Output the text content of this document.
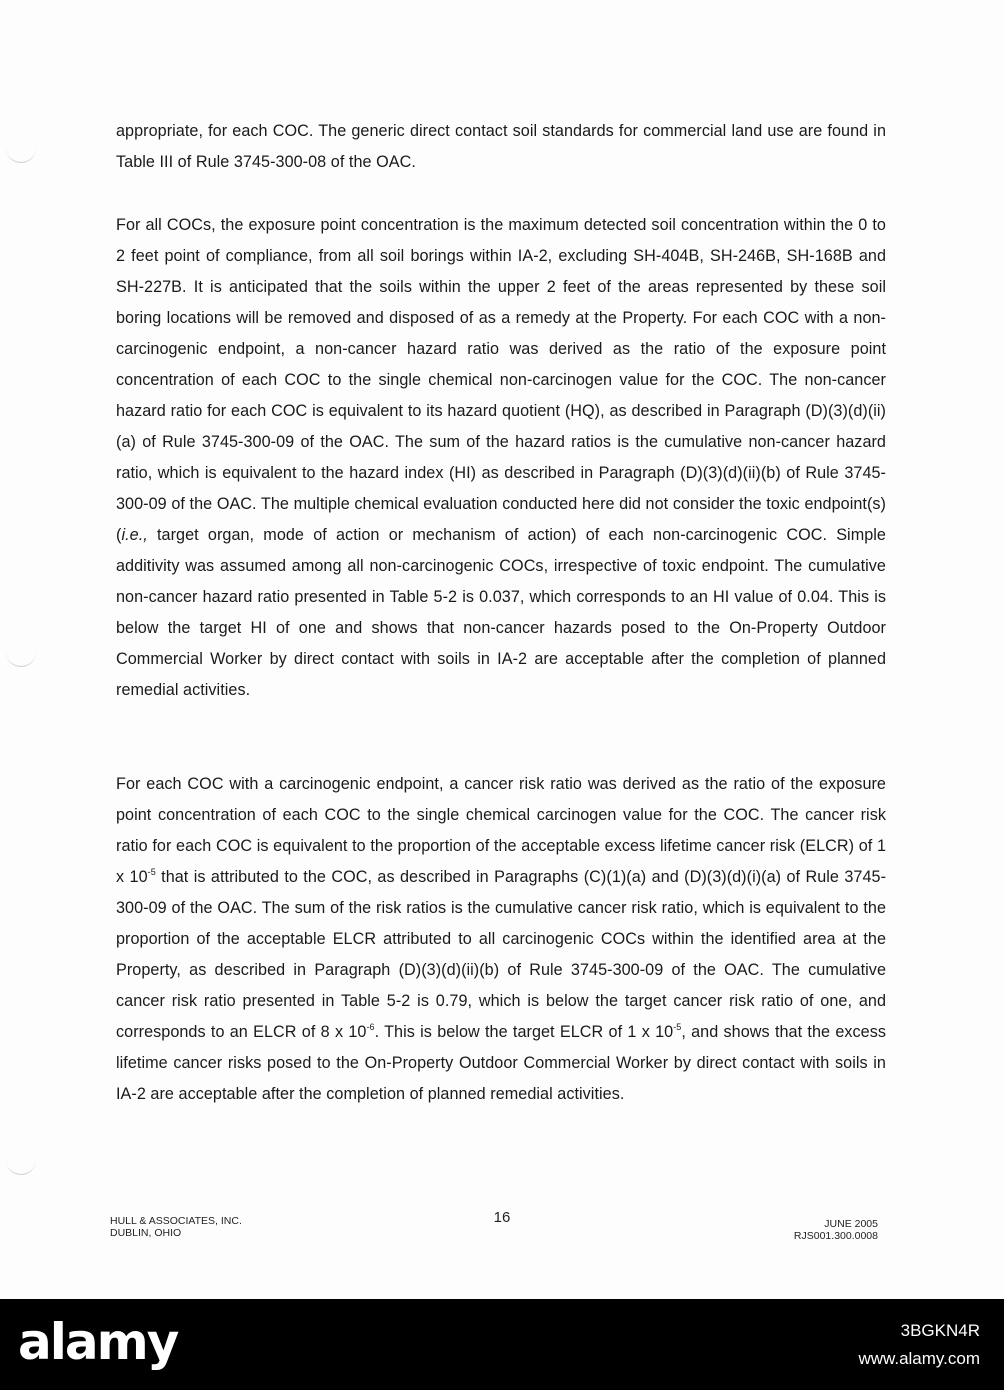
appropriate, for each COC. The generic direct contact soil standards for commercial land use are found in Table III of Rule 3745-300-08 of the OAC.

For all COCs, the exposure point concentration is the maximum detected soil concentration within the 0 to 2 feet point of compliance, from all soil borings within IA-2, excluding SH-404B, SH-246B, SH-168B and SH-227B. It is anticipated that the soils within the upper 2 feet of the areas represented by these soil boring locations will be removed and disposed of as a remedy at the Property. For each COC with a non-carcinogenic endpoint, a non-cancer hazard ratio was derived as the ratio of the exposure point concentration of each COC to the single chemical non-carcinogen value for the COC. The non-cancer hazard ratio for each COC is equivalent to its hazard quotient (HQ), as described in Paragraph (D)(3)(d)(ii)(a) of Rule 3745-300-09 of the OAC. The sum of the hazard ratios is the cumulative non-cancer hazard ratio, which is equivalent to the hazard index (HI) as described in Paragraph (D)(3)(d)(ii)(b) of Rule 3745-300-09 of the OAC. The multiple chemical evaluation conducted here did not consider the toxic endpoint(s) (i.e., target organ, mode of action or mechanism of action) of each non-carcinogenic COC. Simple additivity was assumed among all non-carcinogenic COCs, irrespective of toxic endpoint. The cumulative non-cancer hazard ratio presented in Table 5-2 is 0.037, which corresponds to an HI value of 0.04. This is below the target HI of one and shows that non-cancer hazards posed to the On-Property Outdoor Commercial Worker by direct contact with soils in IA-2 are acceptable after the completion of planned remedial activities.

For each COC with a carcinogenic endpoint, a cancer risk ratio was derived as the ratio of the exposure point concentration of each COC to the single chemical carcinogen value for the COC. The cancer risk ratio for each COC is equivalent to the proportion of the acceptable excess lifetime cancer risk (ELCR) of 1 x $10^{-5}$ that is attributed to the COC, as described in Paragraphs (C)(1)(a) and (D)(3)(d)(i)(a) of Rule 3745-300-09 of the OAC. The sum of the risk ratios is the cumulative cancer risk ratio, which is equivalent to the proportion of the acceptable ELCR attributed to all carcinogenic COCs within the identified area at the Property, as described in Paragraph (D)(3)(d)(ii)(b) of Rule 3745-300-09 of the OAC. The cumulative cancer risk ratio presented in Table 5-2 is 0.79, which is below the target cancer risk ratio of one, and corresponds to an ELCR of 8 x $10^{-6}$. This is below the target ELCR of 1 x $10^{-5}$, and shows that the excess lifetime cancer risks posed to the On-Property Outdoor Commercial Worker by direct contact with soils in IA-2 are acceptable after the completion of planned remedial activities.

HULL & ASSOCIATES, INC.
DUBLIN, OHIO
16	JUNE 2005
RJS001.300.0008
alamy	3BGKN4R
www.alamy.com
